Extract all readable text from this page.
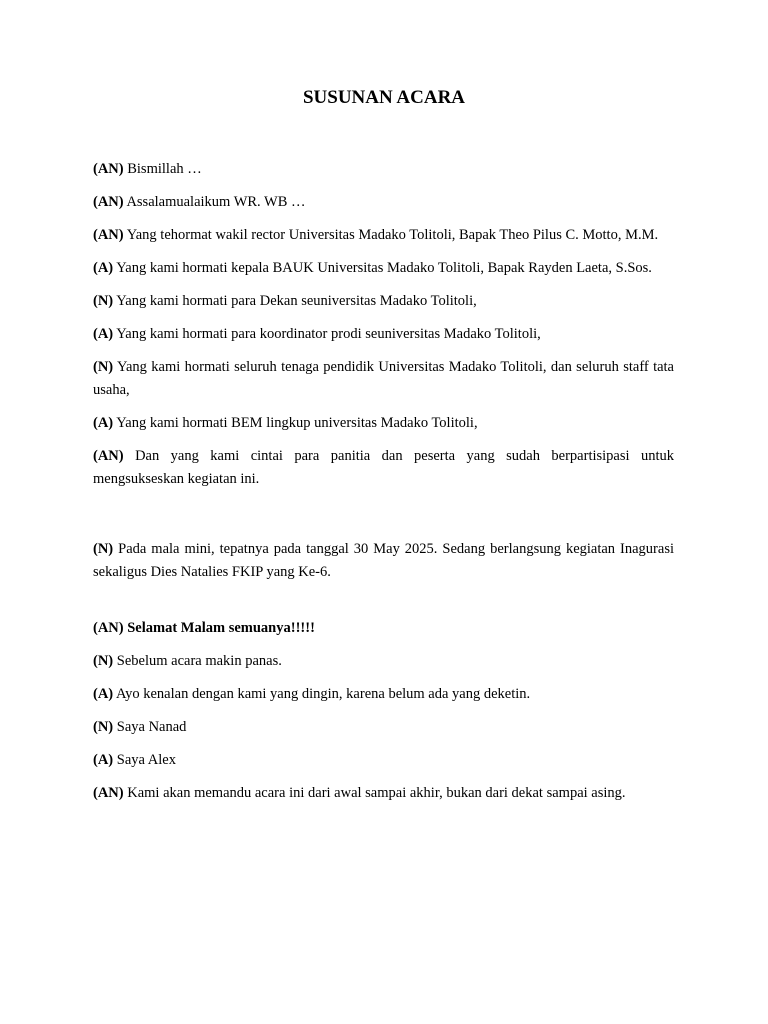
SUSUNAN ACARA

(AN) Bismillah …

(AN) Assalamualaikum WR. WB …

(AN) Yang tehormat wakil rector Universitas Madako Tolitoli, Bapak Theo Pilus C. Motto, M.M.

(A) Yang kami hormati kepala BAUK Universitas Madako Tolitoli, Bapak Rayden Laeta, S.Sos.

(N) Yang kami hormati para Dekan seuniversitas Madako Tolitoli,

(A) Yang kami hormati para koordinator prodi seuniversitas Madako Tolitoli,

(N) Yang kami hormati seluruh tenaga pendidik Universitas Madako Tolitoli, dan seluruh staff tata usaha,

(A) Yang kami hormati BEM lingkup universitas Madako Tolitoli,

(AN) Dan yang kami cintai para panitia dan peserta yang sudah berpartisipasi untuk mengsukseskan kegiatan ini.

(N) Pada mala mini, tepatnya pada tanggal 30 May 2025. Sedang berlangsung kegiatan Inagurasi sekaligus Dies Natalies FKIP yang Ke-6.

(AN) Selamat Malam semuanya!!!!!

(N) Sebelum acara makin panas.

(A) Ayo kenalan dengan kami yang dingin, karena belum ada yang deketin.

(N) Saya Nanad

(A) Saya Alex

(AN) Kami akan memandu acara ini dari awal sampai akhir, bukan dari dekat sampai asing.
